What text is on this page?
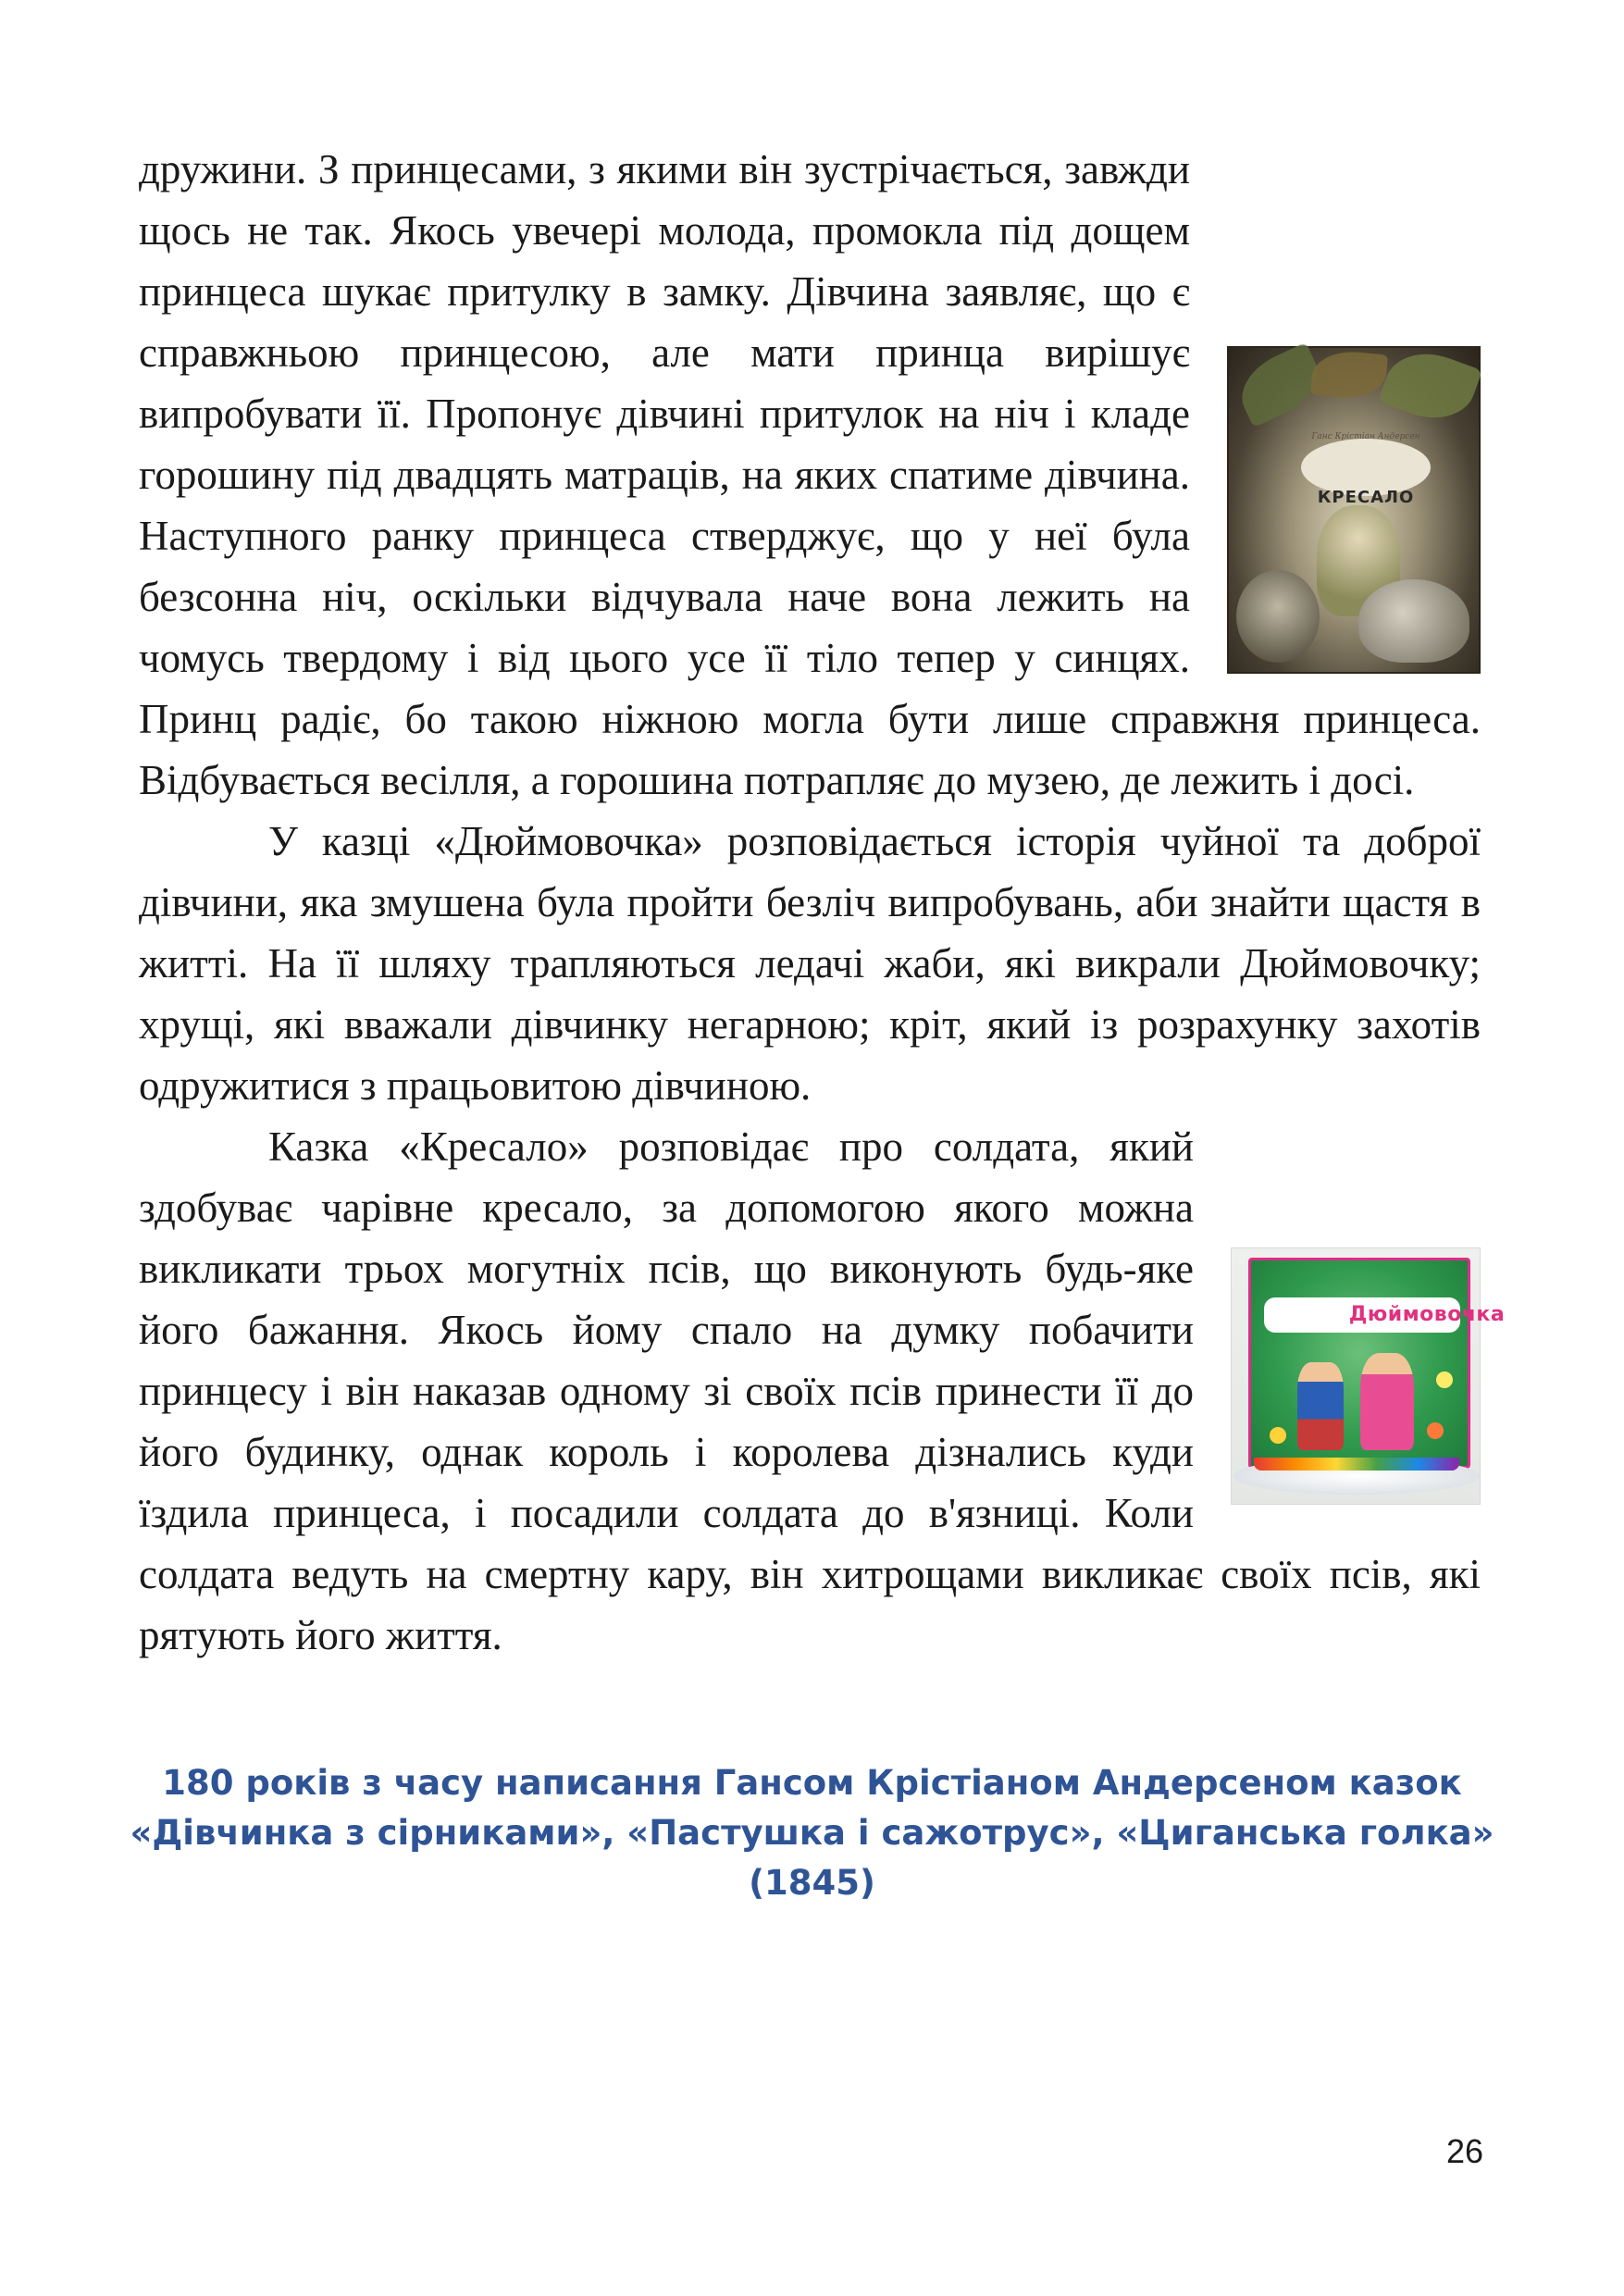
Ганс Крістіан Андерсен
КРЕСАЛО
дружини. З принцесами, з якими він зустрічається, завжди щось не так. Якось увечері молода, промокла під дощем принцеса шукає притулку в замку. Дівчина заявляє, що є справжньою принцесою, але мати принца вирішує випробувати її. Пропонує дівчині притулок на ніч і кладе горошину під двадцять матраців, на яких спатиме дівчина. Наступного ранку принцеса стверджує, що у неї була безсонна ніч, оскільки відчувала наче вона лежить на чомусь твердому і від цього усе її тіло тепер у синцях. Принц радіє, бо такою ніжною могла бути лише справжня принцеса. Відбувається весілля, а горошина потрапляє до музею, де лежить і досі.

У казці «Дюймовочка» розповідається історія чуйної та доброї дівчини, яка змушена була пройти безліч випробувань, аби знайти щастя в житті. На її шляху трапляються ледачі жаби, які викрали Дюймовочку; хрущі, які вважали дівчинку негарною; кріт, який із розрахунку захотів одружитися з працьовитою дівчиною.

Дюймовочка
Казка «Кресало» розповідає про солдата, який здобуває чарівне кресало, за допомогою якого можна викликати трьох могутніх псів, що виконують будь-яке його бажання. Якось йому спало на думку побачити принцесу і він наказав одному зі своїх псів принести її до його будинку, однак король і королева дізнались куди їздила принцеса, і посадили солдата до в'язниці. Коли солдата ведуть на смертну кару, він хитрощами викликає своїх псів, які рятують його життя.

180 років з часу написання Гансом Крістіаном Андерсеном казок «Дівчинка з сірниками», «Пастушка і сажотрус», «Циганська голка» (1845)
26
